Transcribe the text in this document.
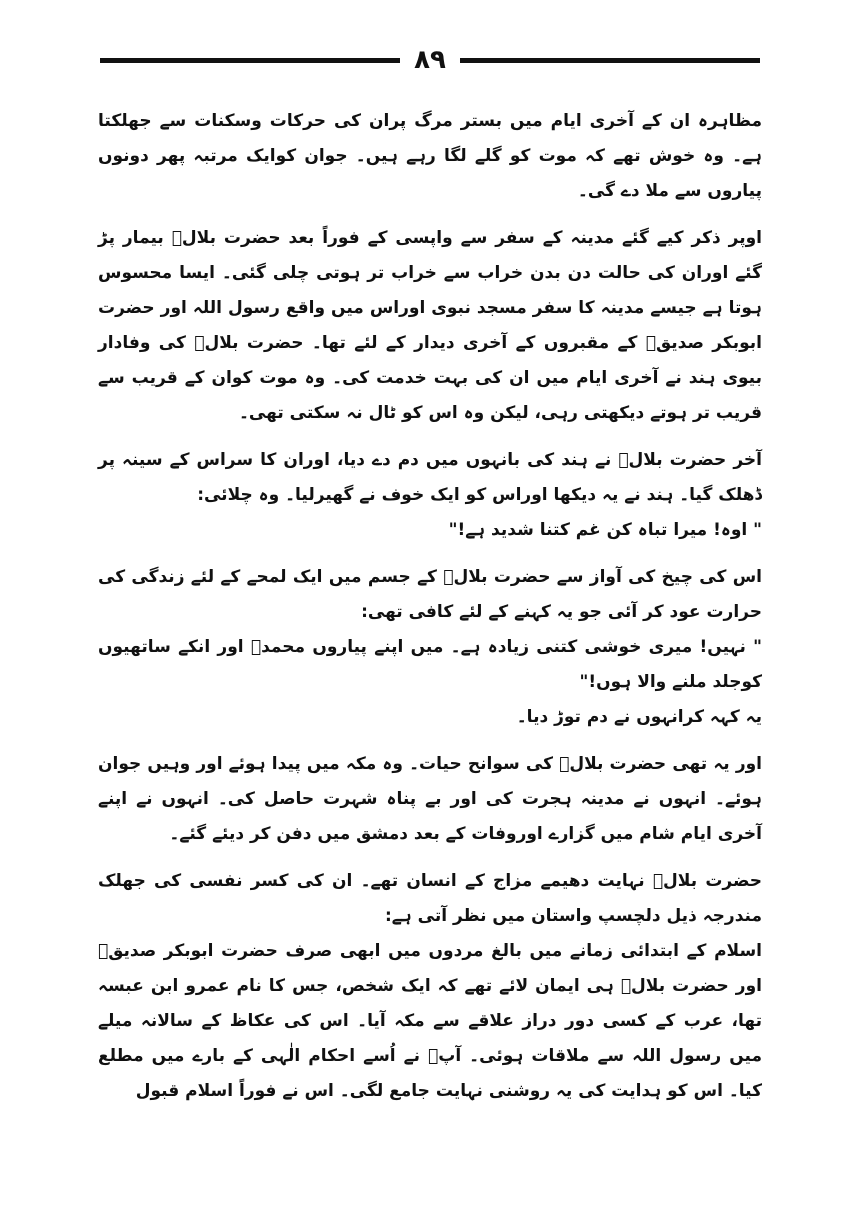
۸۹

مظاہرہ ان کے آخری ایام میں بستر مرگ پران کی حرکات وسکنات سے جھلکتا ہے۔ وہ خوش تھے کہ موت کو گلے لگا رہے ہیں۔ جوان کوایک مرتبہ پھر دونوں پیاروں سے ملا دے گی۔

اوپر ذکر کیے گئے مدینہ کے سفر سے واپسی کے فوراً بعد حضرت بلالؓ بیمار پڑ گئے اوران کی حالت دن بدن خراب سے خراب تر ہوتی چلی گئی۔ ایسا محسوس ہوتا ہے جیسے مدینہ کا سفر مسجد نبوی اوراس میں واقع رسول اللہ اور حضرت ابوبکر صدیقؓ کے مقبروں کے آخری دیدار کے لئے تھا۔ حضرت بلالؓ کی وفادار بیوی ہند نے آخری ایام میں ان کی بہت خدمت کی۔ وہ موت کوان کے قریب سے قریب تر ہوتے دیکھتی رہی، لیکن وہ اس کو ٹال نہ سکتی تھی۔

آخر حضرت بلالؓ نے ہند کی بانہوں میں دم دے دیا، اوران کا سراس کے سینہ پر ڈھلک گیا۔ ہند نے یہ دیکھا اوراس کو ایک خوف نے گھیرلیا۔ وہ چلائی:

" اوہ! میرا تباہ کن غم کتنا شدید ہے!"

اس کی چیخ کی آواز سے حضرت بلالؓ کے جسم میں ایک لمحے کے لئے زندگی کی حرارت عود کر آئی جو یہ کہنے کے لئے کافی تھی:

" نہیں! میری خوشی کتنی زیادہ ہے۔ میں اپنے پیاروں محمدؐ اور انکے ساتھیوں کوجلد ملنے والا ہوں!"

یہ کہہ کرانہوں نے دم توڑ دیا۔

اور یہ تھی حضرت بلالؓ کی سوانح حیات۔ وہ مکہ میں پیدا ہوئے اور وہیں جوان ہوئے۔ انہوں نے مدینہ ہجرت کی اور بے پناہ شہرت حاصل کی۔ انہوں نے اپنے آخری ایام شام میں گزارے اوروفات کے بعد دمشق میں دفن کر دیئے گئے۔

حضرت بلالؓ نہایت دھیمے مزاج کے انسان تھے۔ ان کی کسر نفسی کی جھلک مندرجہ ذیل دلچسپ واستان میں نظر آتی ہے:

اسلام کے ابتدائی زمانے میں بالغ مردوں میں ابھی صرف حضرت ابوبکر صدیقؓ اور حضرت بلالؓ ہی ایمان لائے تھے کہ ایک شخص، جس کا نام عمرو ابن عبسہ تھا، عرب کے کسی دور دراز علاقے سے مکہ آیا۔ اس کی عکاظ کے سالانہ میلے میں رسول اللہ سے ملاقات ہوئی۔ آپؐ نے اُسے احکام الٰہی کے بارے میں مطلع کیا۔ اس کو ہدایت کی یہ روشنی نہایت جامع لگی۔ اس نے فوراً اسلام قبول
